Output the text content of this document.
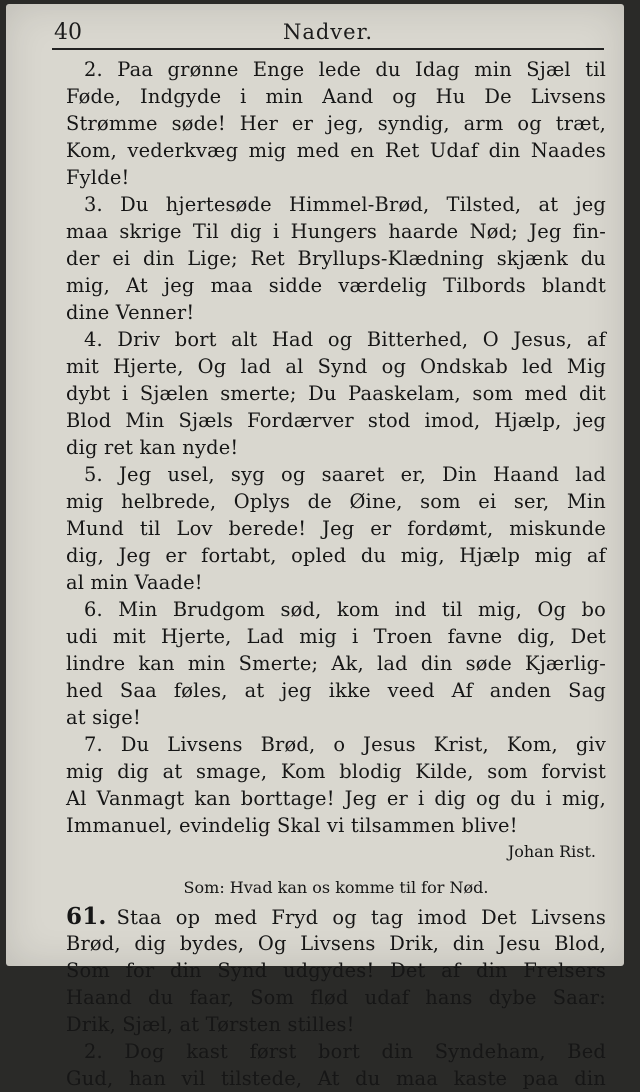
40	Nadver.
2. Paa grønne Enge lede du Idag min Sjæl til
Føde, Indgyde i min Aand og Hu De Livsens
Strømme søde! Her er jeg, syndig, arm og træt,
Kom, vederkvæg mig med en Ret Udaf din Naades
Fylde!
3. Du hjertesøde Himmel-Brød, Tilsted, at jeg
maa skrige Til dig i Hungers haarde Nød; Jeg fin-
der ei din Lige; Ret Bryllups-Klædning skjænk du
mig, At jeg maa sidde værdelig Tilbords blandt
dine Venner!
4. Driv bort alt Had og Bitterhed, O Jesus, af
mit Hjerte, Og lad al Synd og Ondskab led Mig
dybt i Sjælen smerte; Du Paaskelam, som med dit
Blod Min Sjæls Fordærver stod imod, Hjælp, jeg
dig ret kan nyde!
5. Jeg usel, syg og saaret er, Din Haand lad
mig helbrede, Oplys de Øine, som ei ser, Min
Mund til Lov berede! Jeg er fordømt, miskunde
dig, Jeg er fortabt, opled du mig, Hjælp mig af
al min Vaade!
6. Min Brudgom sød, kom ind til mig, Og bo
udi mit Hjerte, Lad mig i Troen favne dig, Det
lindre kan min Smerte; Ak, lad din søde Kjærlig-
hed Saa føles, at jeg ikke veed Af anden Sag
at sige!
7. Du Livsens Brød, o Jesus Krist, Kom, giv
mig dig at smage, Kom blodig Kilde, som forvist
Al Vanmagt kan borttage! Jeg er i dig og du i mig,
Immanuel, evindelig Skal vi tilsammen blive!
Johan Rist.
Som: Hvad kan os komme til for Nød.
61. Staa op med Fryd og tag imod Det Livsens
Brød, dig bydes, Og Livsens Drik, din Jesu Blod,
Som for din Synd udgydes! Det af din Frelsers
Haand du faar, Som flød udaf hans dybe Saar:
Drik, Sjæl, at Tørsten stilles!
2. Dog kast først bort din Syndeham, Bed
Gud, han vil tilstede, At du maa kaste paa din
